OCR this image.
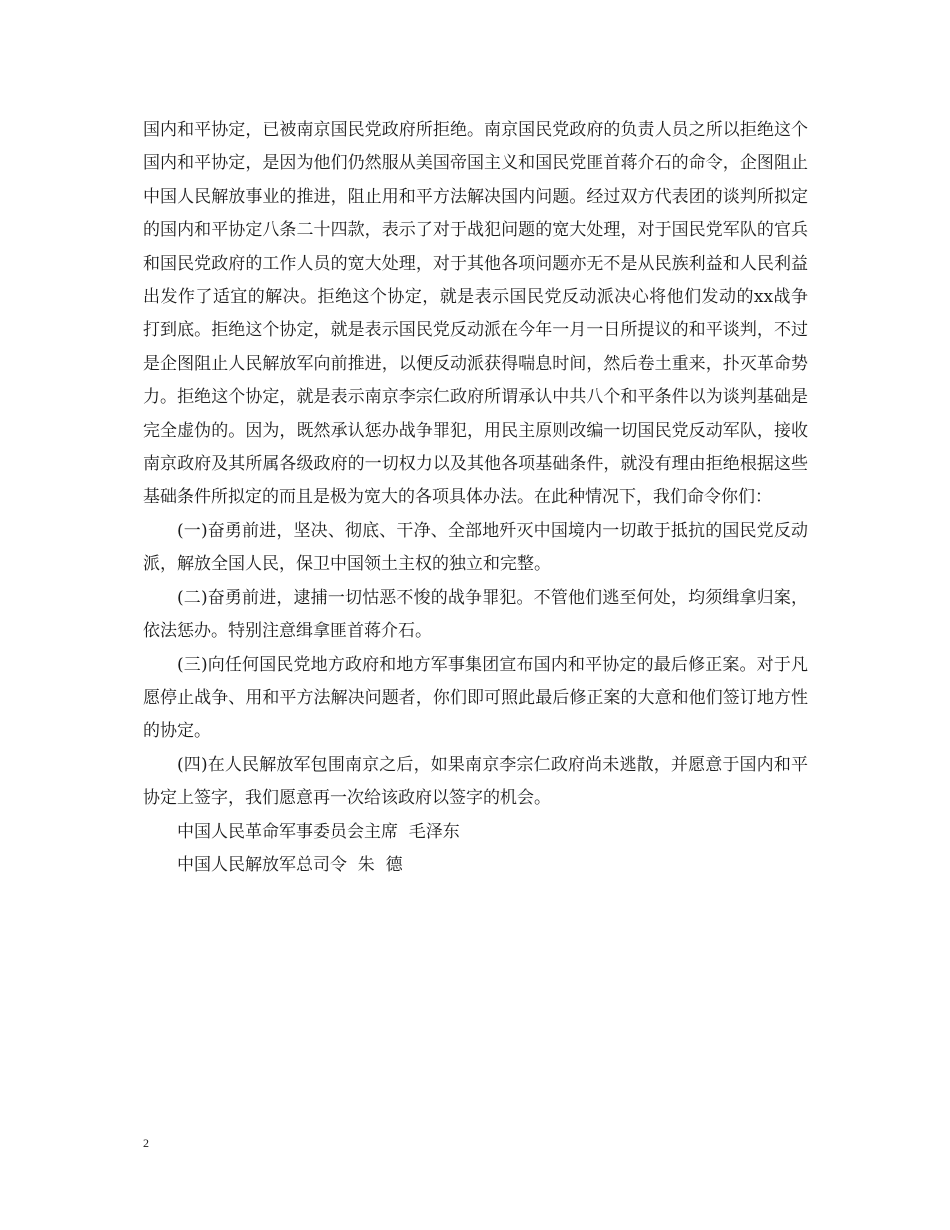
国内和平协定，已被南京国民党政府所拒绝。南京国民党政府的负责人员之所以拒绝这个国内和平协定，是因为他们仍然服从美国帝国主义和国民党匪首蒋介石的命令，企图阻止中国人民解放事业的推进，阻止用和平方法解决国内问题。经过双方代表团的谈判所拟定的国内和平协定八条二十四款，表示了对于战犯问题的宽大处理，对于国民党军队的官兵和国民党政府的工作人员的宽大处理，对于其他各项问题亦无不是从民族利益和人民利益出发作了适宜的解决。拒绝这个协定，就是表示国民党反动派决心将他们发动的xx战争打到底。拒绝这个协定，就是表示国民党反动派在今年一月一日所提议的和平谈判，不过是企图阻止人民解放军向前推进，以便反动派获得喘息时间，然后卷土重来，扑灭革命势力。拒绝这个协定，就是表示南京李宗仁政府所谓承认中共八个和平条件以为谈判基础是完全虚伪的。因为，既然承认惩办战争罪犯，用民主原则改编一切国民党反动军队，接收南京政府及其所属各级政府的一切权力以及其他各项基础条件，就没有理由拒绝根据这些基础条件所拟定的而且是极为宽大的各项具体办法。在此种情况下，我们命令你们：

(一)奋勇前进，坚决、彻底、干净、全部地歼灭中国境内一切敢于抵抗的国民党反动派，解放全国人民，保卫中国领土主权的独立和完整。

(二)奋勇前进，逮捕一切怙恶不悛的战争罪犯。不管他们逃至何处，均须缉拿归案，依法惩办。特别注意缉拿匪首蒋介石。

(三)向任何国民党地方政府和地方军事集团宣布国内和平协定的最后修正案。对于凡愿停止战争、用和平方法解决问题者，你们即可照此最后修正案的大意和他们签订地方性的协定。

(四)在人民解放军包围南京之后，如果南京李宗仁政府尚未逃散，并愿意于国内和平协定上签字，我们愿意再一次给该政府以签字的机会。

中国人民革命军事委员会主席  毛泽东

中国人民解放军总司令  朱  德

2
